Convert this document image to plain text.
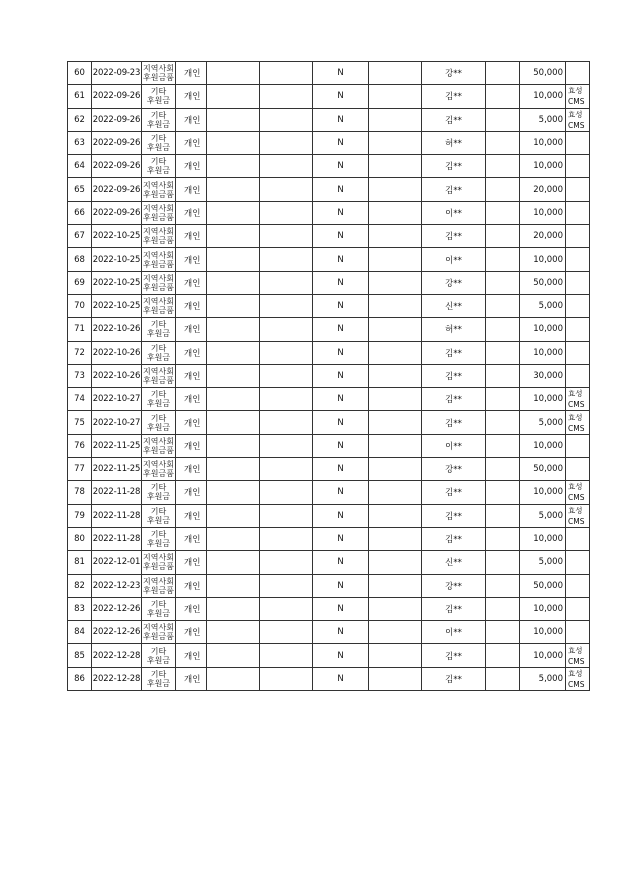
60	2022-09-23	지역사회
후원금품	개인			N		강**		50,000	
61	2022-09-26	기타
후원금	개인			N		김**		10,000	효성
CMS

62	2022-09-26	기타
후원금	개인			N		김**		5,000	효성
CMS

63	2022-09-26	기타
후원금	개인			N		허**		10,000	
64	2022-09-26	기타
후원금	개인			N		김**		10,000	
65	2022-09-26	지역사회
후원금품	개인			N		김**		20,000	
66	2022-09-26	지역사회
후원금품	개인			N		이**		10,000	
67	2022-10-25	지역사회
후원금품	개인			N		김**		20,000	
68	2022-10-25	지역사회
후원금품	개인			N		이**		10,000	
69	2022-10-25	지역사회
후원금품	개인			N		강**		50,000	
70	2022-10-25	지역사회
후원금품	개인			N		신**		5,000	
71	2022-10-26	기타
후원금	개인			N		허**		10,000	
72	2022-10-26	기타
후원금	개인			N		김**		10,000	
73	2022-10-26	지역사회
후원금품	개인			N		김**		30,000	
74	2022-10-27	기타
후원금	개인			N		김**		10,000	효성
CMS

75	2022-10-27	기타
후원금	개인			N		김**		5,000	효성
CMS

76	2022-11-25	지역사회
후원금품	개인			N		이**		10,000	
77	2022-11-25	지역사회
후원금품	개인			N		강**		50,000	
78	2022-11-28	기타
후원금	개인			N		김**		10,000	효성
CMS

79	2022-11-28	기타
후원금	개인			N		김**		5,000	효성
CMS

80	2022-11-28	기타
후원금	개인			N		김**		10,000	
81	2022-12-01	지역사회
후원금품	개인			N		신**		5,000	
82	2022-12-23	지역사회
후원금품	개인			N		강**		50,000	
83	2022-12-26	기타
후원금	개인			N		김**		10,000	
84	2022-12-26	지역사회
후원금품	개인			N		이**		10,000	
85	2022-12-28	기타
후원금	개인			N		김**		10,000	효성
CMS

86	2022-12-28	기타
후원금	개인			N		김**		5,000	효성
CMS
